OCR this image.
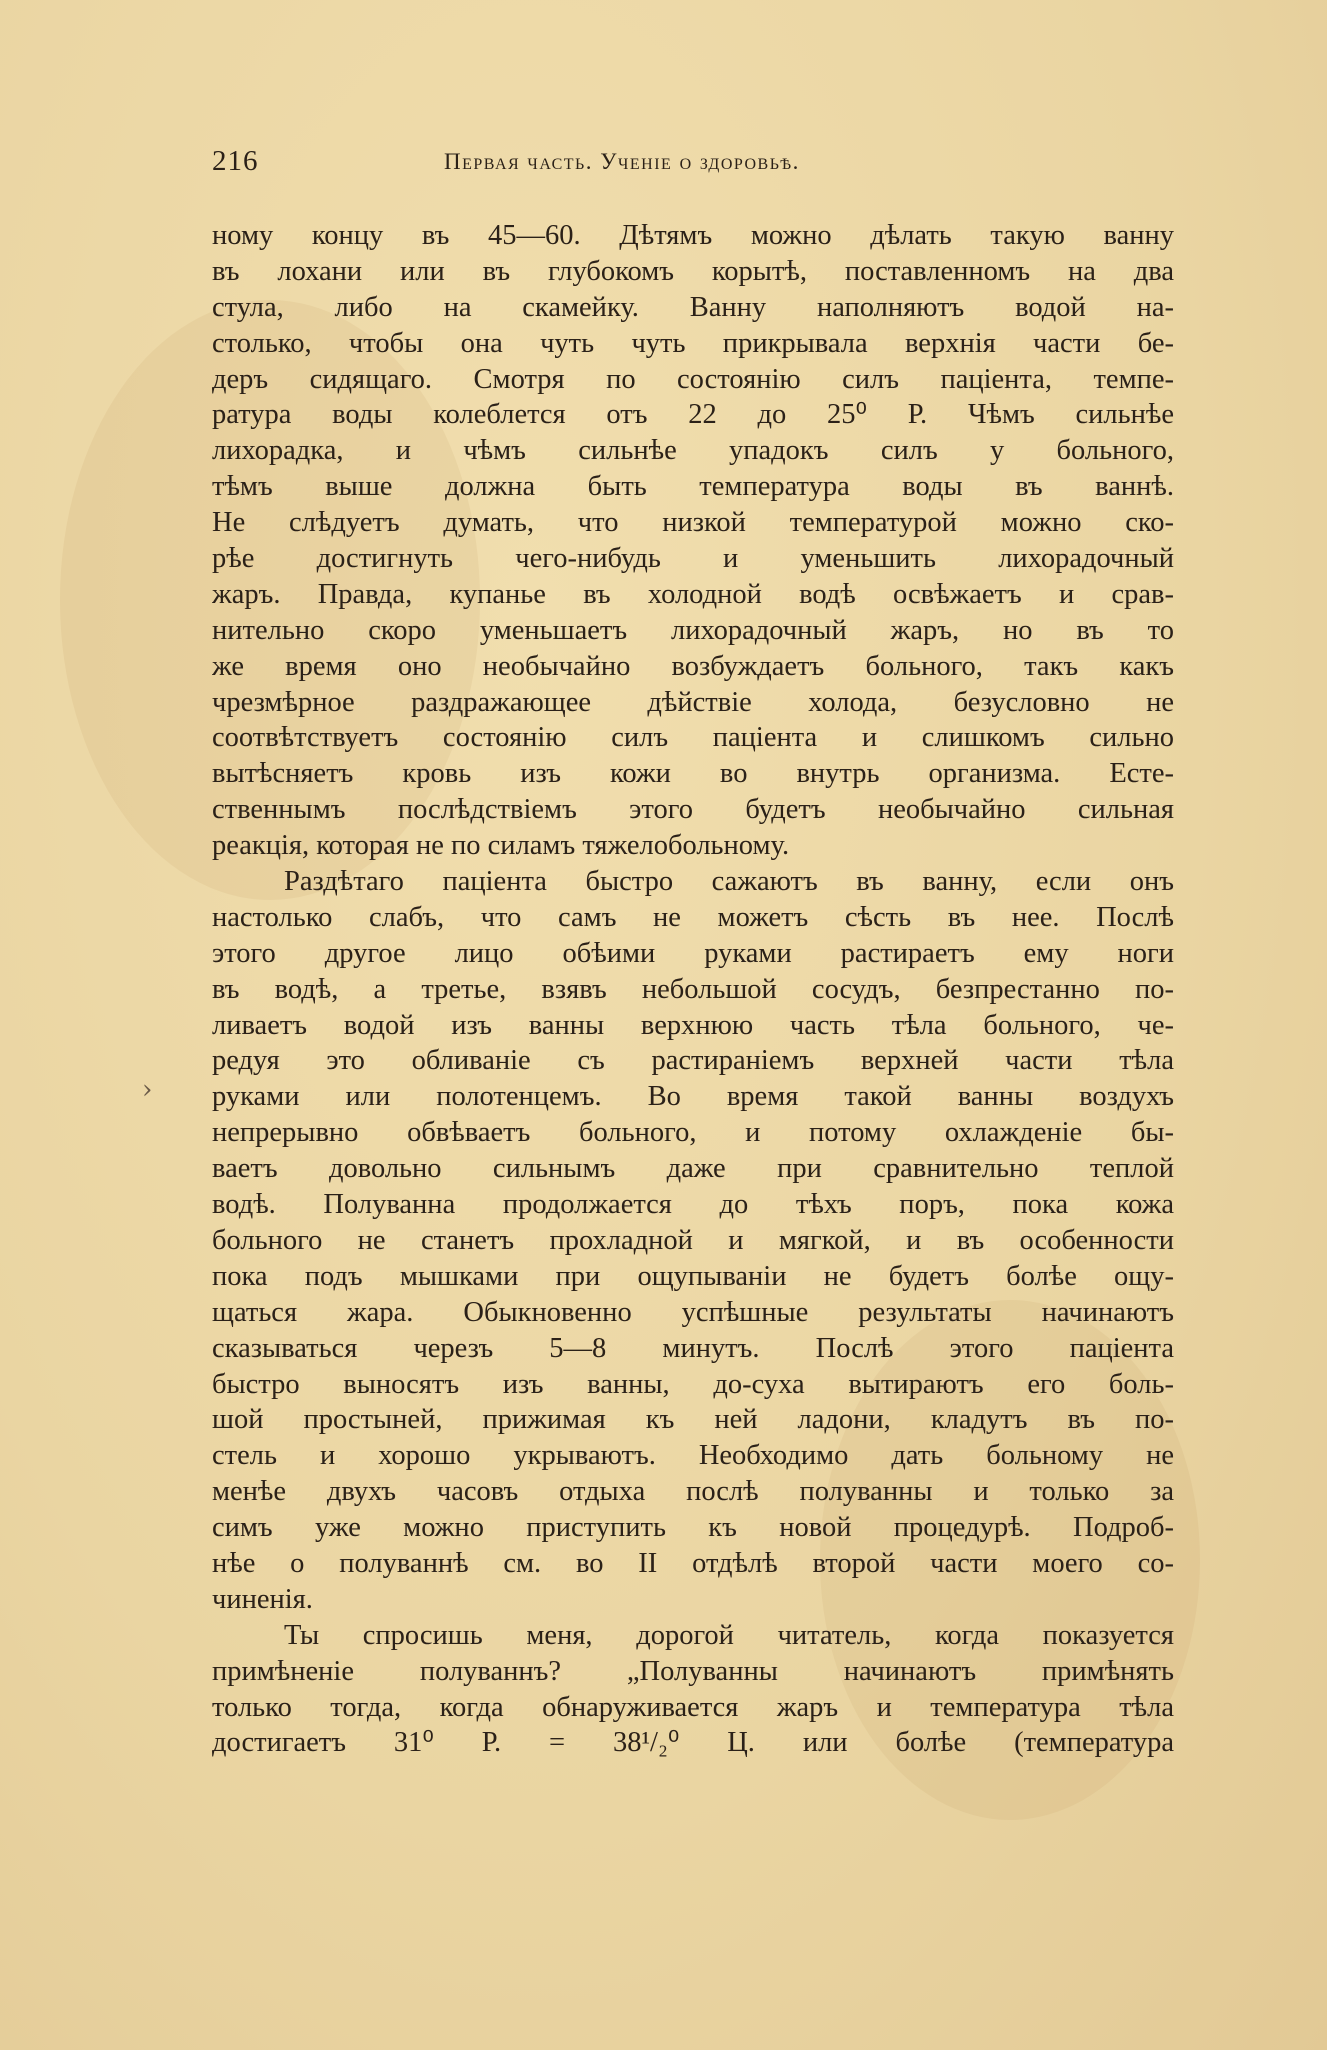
216	Первая часть. Ученіе о здоровьѣ.
›
ному концу въ 45—60. Дѣтямъ можно дѣлать такую ванну
въ лохани или въ глубокомъ корытѣ, поставленномъ на два
стула, либо на скамейку. Ванну наполняютъ водой на-
столько, чтобы она чуть чуть прикрывала верхнія части бе-
деръ сидящаго. Смотря по состоянію силъ паціента, темпе-
ратура воды колеблется отъ 22 до 25⁰ Р. Чѣмъ сильнѣе
лихорадка, и чѣмъ сильнѣе упадокъ силъ у больного,
тѣмъ выше должна быть температура воды въ ваннѣ.
Не слѣдуетъ думать, что низкой температурой можно ско-
рѣе достигнуть чего-нибудь и уменьшить лихорадочный
жаръ. Правда, купанье въ холодной водѣ освѣжаетъ и срав-
нительно скоро уменьшаетъ лихорадочный жаръ, но въ то
же время оно необычайно возбуждаетъ больного, такъ какъ
чрезмѣрное раздражающее дѣйствіе холода, безусловно не
соотвѣтствуетъ состоянію силъ паціента и слишкомъ сильно
вытѣсняетъ кровь изъ кожи во внутрь организма. Есте-
ственнымъ послѣдствіемъ этого будетъ необычайно сильная
реакція, которая не по силамъ тяжелобольному.
Раздѣтаго паціента быстро сажаютъ въ ванну, если онъ
настолько слабъ, что самъ не можетъ сѣсть въ нее. Послѣ
этого другое лицо обѣими руками растираетъ ему ноги
въ водѣ, а третье, взявъ небольшой сосудъ, безпрестанно по-
ливаетъ водой изъ ванны верхнюю часть тѣла больного, че-
редуя это обливаніе съ растираніемъ верхней части тѣла
руками или полотенцемъ. Во время такой ванны воздухъ
непрерывно обвѣваетъ больного, и потому охлажденіе бы-
ваетъ довольно сильнымъ даже при сравнительно теплой
водѣ. Полуванна продолжается до тѣхъ поръ, пока кожа
больного не станетъ прохладной и мягкой, и въ особенности
пока подъ мышками при ощупываніи не будетъ болѣе ощу-
щаться жара. Обыкновенно успѣшные результаты начинаютъ
сказываться черезъ 5—8 минутъ. Послѣ этого паціента
быстро выносятъ изъ ванны, до-суха вытираютъ его боль-
шой простыней, прижимая къ ней ладони, кладутъ въ по-
стель и хорошо укрываютъ. Необходимо дать больному не
менѣе двухъ часовъ отдыха послѣ полуванны и только за
симъ уже можно приступить къ новой процедурѣ. Подроб-
нѣе о полуваннѣ см. во II отдѣлѣ второй части моего со-
чиненія.
Ты спросишь меня, дорогой читатель, когда показуется
примѣненіе полуваннъ? „Полуванны начинаютъ примѣнять
только тогда, когда обнаруживается жаръ и температура тѣла
достигаетъ 31⁰ Р. = 38¹/₂⁰ Ц. или болѣе (температура
